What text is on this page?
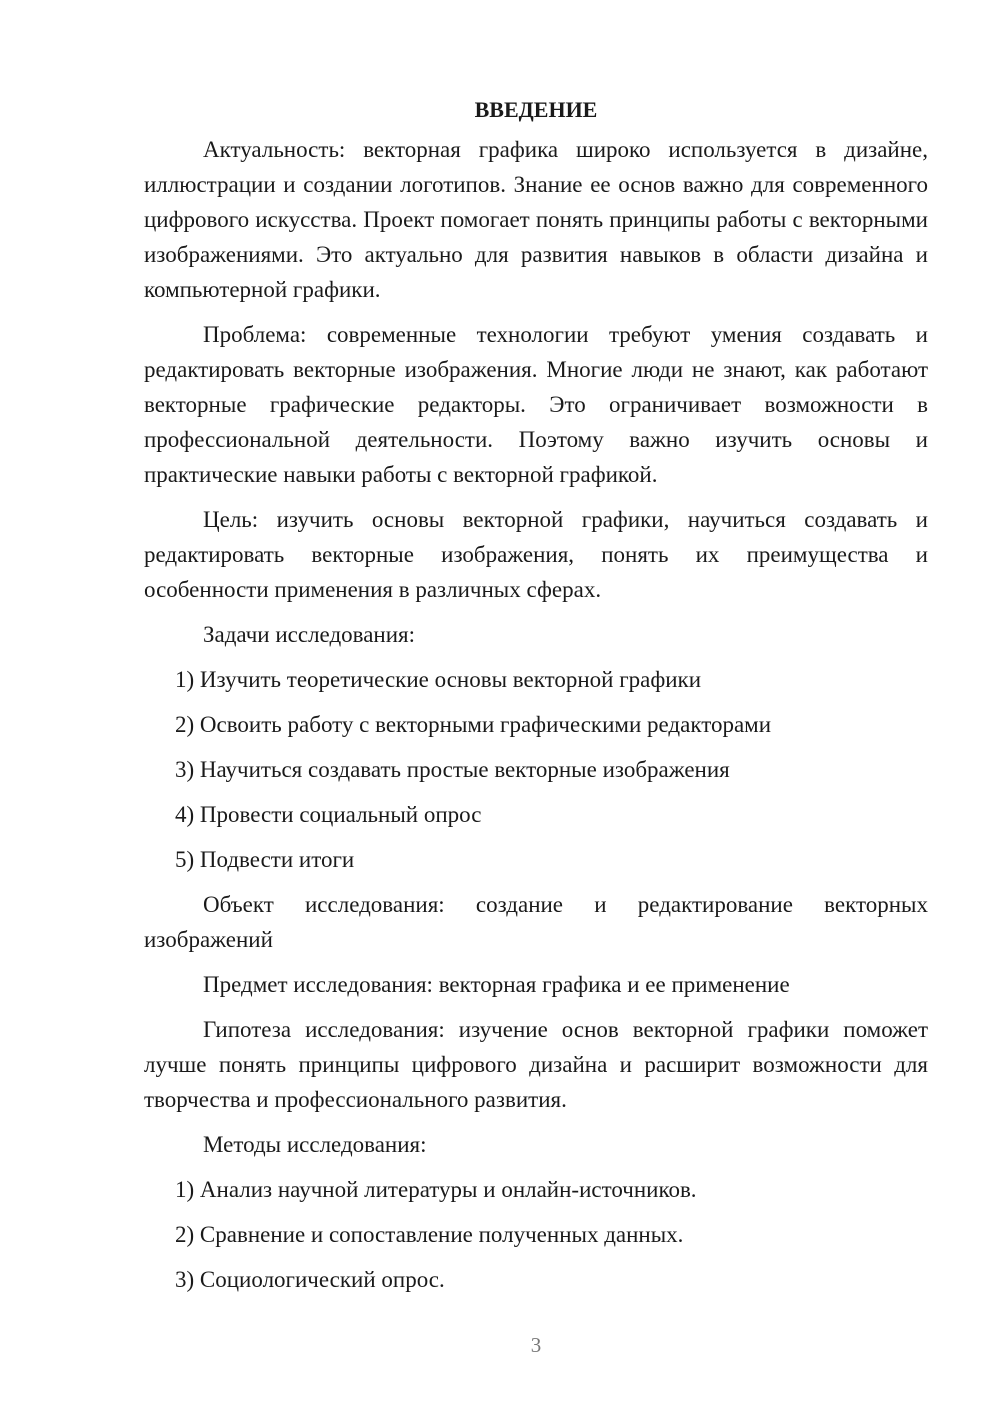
ВВЕДЕНИЕ

Актуальность: векторная графика широко используется в дизайне, иллюстрации и создании логотипов. Знание ее основ важно для современного цифрового искусства. Проект помогает понять принципы работы с векторными изображениями. Это актуально для развития навыков в области дизайна и компьютерной графики.

Проблема: современные технологии требуют умения создавать и редактировать векторные изображения. Многие люди не знают, как работают векторные графические редакторы. Это ограничивает возможности в профессиональной деятельности. Поэтому важно изучить основы и практические навыки работы с векторной графикой.

Цель: изучить основы векторной графики, научиться создавать и редактировать векторные изображения, понять их преимущества и особенности применения в различных сферах.

Задачи исследования:
1) Изучить теоретические основы векторной графики
2) Освоить работу с векторными графическими редакторами
3) Научиться создавать простые векторные изображения
4) Провести социальный опрос
5) Подвести итоги

Объект исследования: создание и редактирование векторных изображений

Предмет исследования: векторная графика и ее применение

Гипотеза исследования: изучение основ векторной графики поможет лучше понять принципы цифрового дизайна и расширит возможности для творчества и профессионального развития.

Методы исследования:
1) Анализ научной литературы и онлайн-источников.
2) Сравнение и сопоставление полученных данных.
3) Социологический опрос.
3
